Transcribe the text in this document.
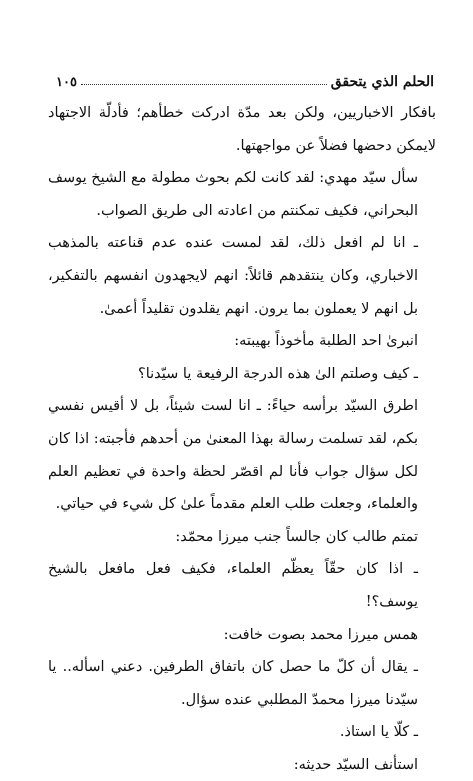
الحلم الذي يتحقق
١٠٥

بافكار الاخباريين، ولكن بعد مدّة ادركت خطأهم؛ فأدلّة الاجتهاد لايمكن دحضها فضلاً عن مواجهتها.

سأل سيّد مهدي: لقد كانت لكم بحوث مطولة مع الشيخ يوسف البحراني، فكيف تمكنتم من اعادته الى طريق الصواب.

ـ انا لم افعل ذلك، لقد لمست عنده عدم قناعته بالمذهب الاخباري، وكان ينتقدهم قائلاً: انهم لايجهدون انفسهم بالتفكير، بل انهم لا يعملون بما يرون. انهم يقلدون تقليداً أعمىٰ.

انبرىٰ احد الطلبة مأخوذاً بهيبته:

ـ كيف وصلتم الىٰ هذه الدرجة الرفيعة يا سيّدنا؟

اطرق السيّد برأسه حياءً: ـ انا لست شيئاً، بل لا أقيس نفسي بكم، لقد تسلمت رسالة بهذا المعنىٰ من أحدهم فأجبته: اذا كان لكل سؤال جواب فأنا لم اقصّر لحظة واحدة في تعظيم العلم والعلماء، وجعلت طلب العلم مقدماً علىٰ كل شيء في حياتي.

تمتم طالب كان جالساً جنب ميرزا محمّد:

ـ اذا كان حقّاً يعظّم العلماء، فكيف فعل مافعل بالشيخ يوسف؟!

همس ميرزا محمد بصوت خافت:

ـ يقال أن كلّ ما حصل كان باتفاق الطرفين. دعني اسأله.. يا سيّدنا ميرزا محمدّ المطلبي عنده سؤال.

ـ كلّا يا استاذ.

استأنف السيّد حديثه:
